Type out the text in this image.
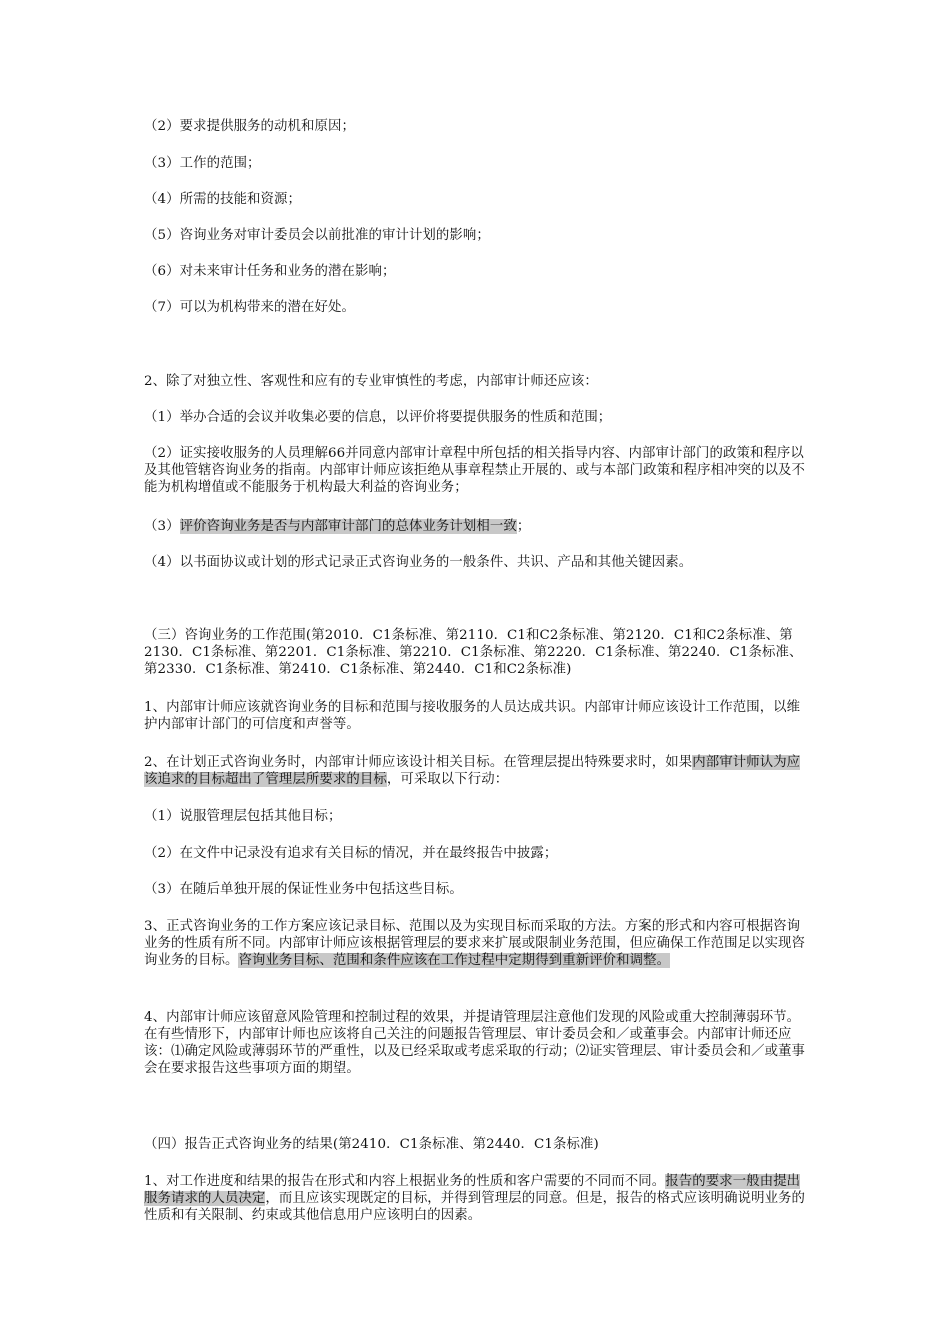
（2）要求提供服务的动机和原因；

（3）工作的范围；

（4）所需的技能和资源；

（5）咨询业务对审计委员会以前批准的审计计划的影响；

（6）对未来审计任务和业务的潜在影响；

（7）可以为机构带来的潜在好处。

2、除了对独立性、客观性和应有的专业审慎性的考虑，内部审计师还应该：

（1）举办合适的会议并收集必要的信息，以评价将要提供服务的性质和范围；

（2）证实接收服务的人员理解66并同意内部审计章程中所包括的相关指导内容、内部审计部门的政策和程序以及其他管辖咨询业务的指南。内部审计师应该拒绝从事章程禁止开展的、或与本部门政策和程序相冲突的以及不能为机构增值或不能服务于机构最大利益的咨询业务；

（3）评价咨询业务是否与内部审计部门的总体业务计划相一致；

（4）以书面协议或计划的形式记录正式咨询业务的一般条件、共识、产品和其他关键因素。

（三）咨询业务的工作范围(第2010．C1条标准、第2110．C1和C2条标准、第2120．C1和C2条标准、第2130．C1条标准、第2201．C1条标准、第2210．C1条标准、第2220．C1条标准、第2240．C1条标准、第2330．C1条标准、第2410．C1条标准、第2440．C1和C2条标准)

1、内部审计师应该就咨询业务的目标和范围与接收服务的人员达成共识。内部审计师应该设计工作范围，以维护内部审计部门的可信度和声誉等。

2、在计划正式咨询业务时，内部审计师应该设计相关目标。在管理层提出特殊要求时，如果内部审计师认为应该追求的目标超出了管理层所要求的目标，可采取以下行动：

（1）说服管理层包括其他目标；

（2）在文件中记录没有追求有关目标的情况，并在最终报告中披露；

（3）在随后单独开展的保证性业务中包括这些目标。

3、正式咨询业务的工作方案应该记录目标、范围以及为实现目标而采取的方法。方案的形式和内容可根据咨询业务的性质有所不同。内部审计师应该根据管理层的要求来扩展或限制业务范围，但应确保工作范围足以实现咨询业务的目标。咨询业务目标、范围和条件应该在工作过程中定期得到重新评价和调整。

4、内部审计师应该留意风险管理和控制过程的效果，并提请管理层注意他们发现的风险或重大控制薄弱环节。在有些情形下，内部审计师也应该将自己关注的问题报告管理层、审计委员会和／或董事会。内部审计师还应该：⑴确定风险或薄弱环节的严重性，以及已经采取或考虑采取的行动；⑵证实管理层、审计委员会和／或董事会在要求报告这些事项方面的期望。

（四）报告正式咨询业务的结果(第2410．C1条标准、第2440．C1条标准)

1、对工作进度和结果的报告在形式和内容上根据业务的性质和客户需要的不同而不同。报告的要求一般由提出服务请求的人员决定，而且应该实现既定的目标，并得到管理层的同意。但是，报告的格式应该明确说明业务的性质和有关限制、约束或其他信息用户应该明白的因素。
